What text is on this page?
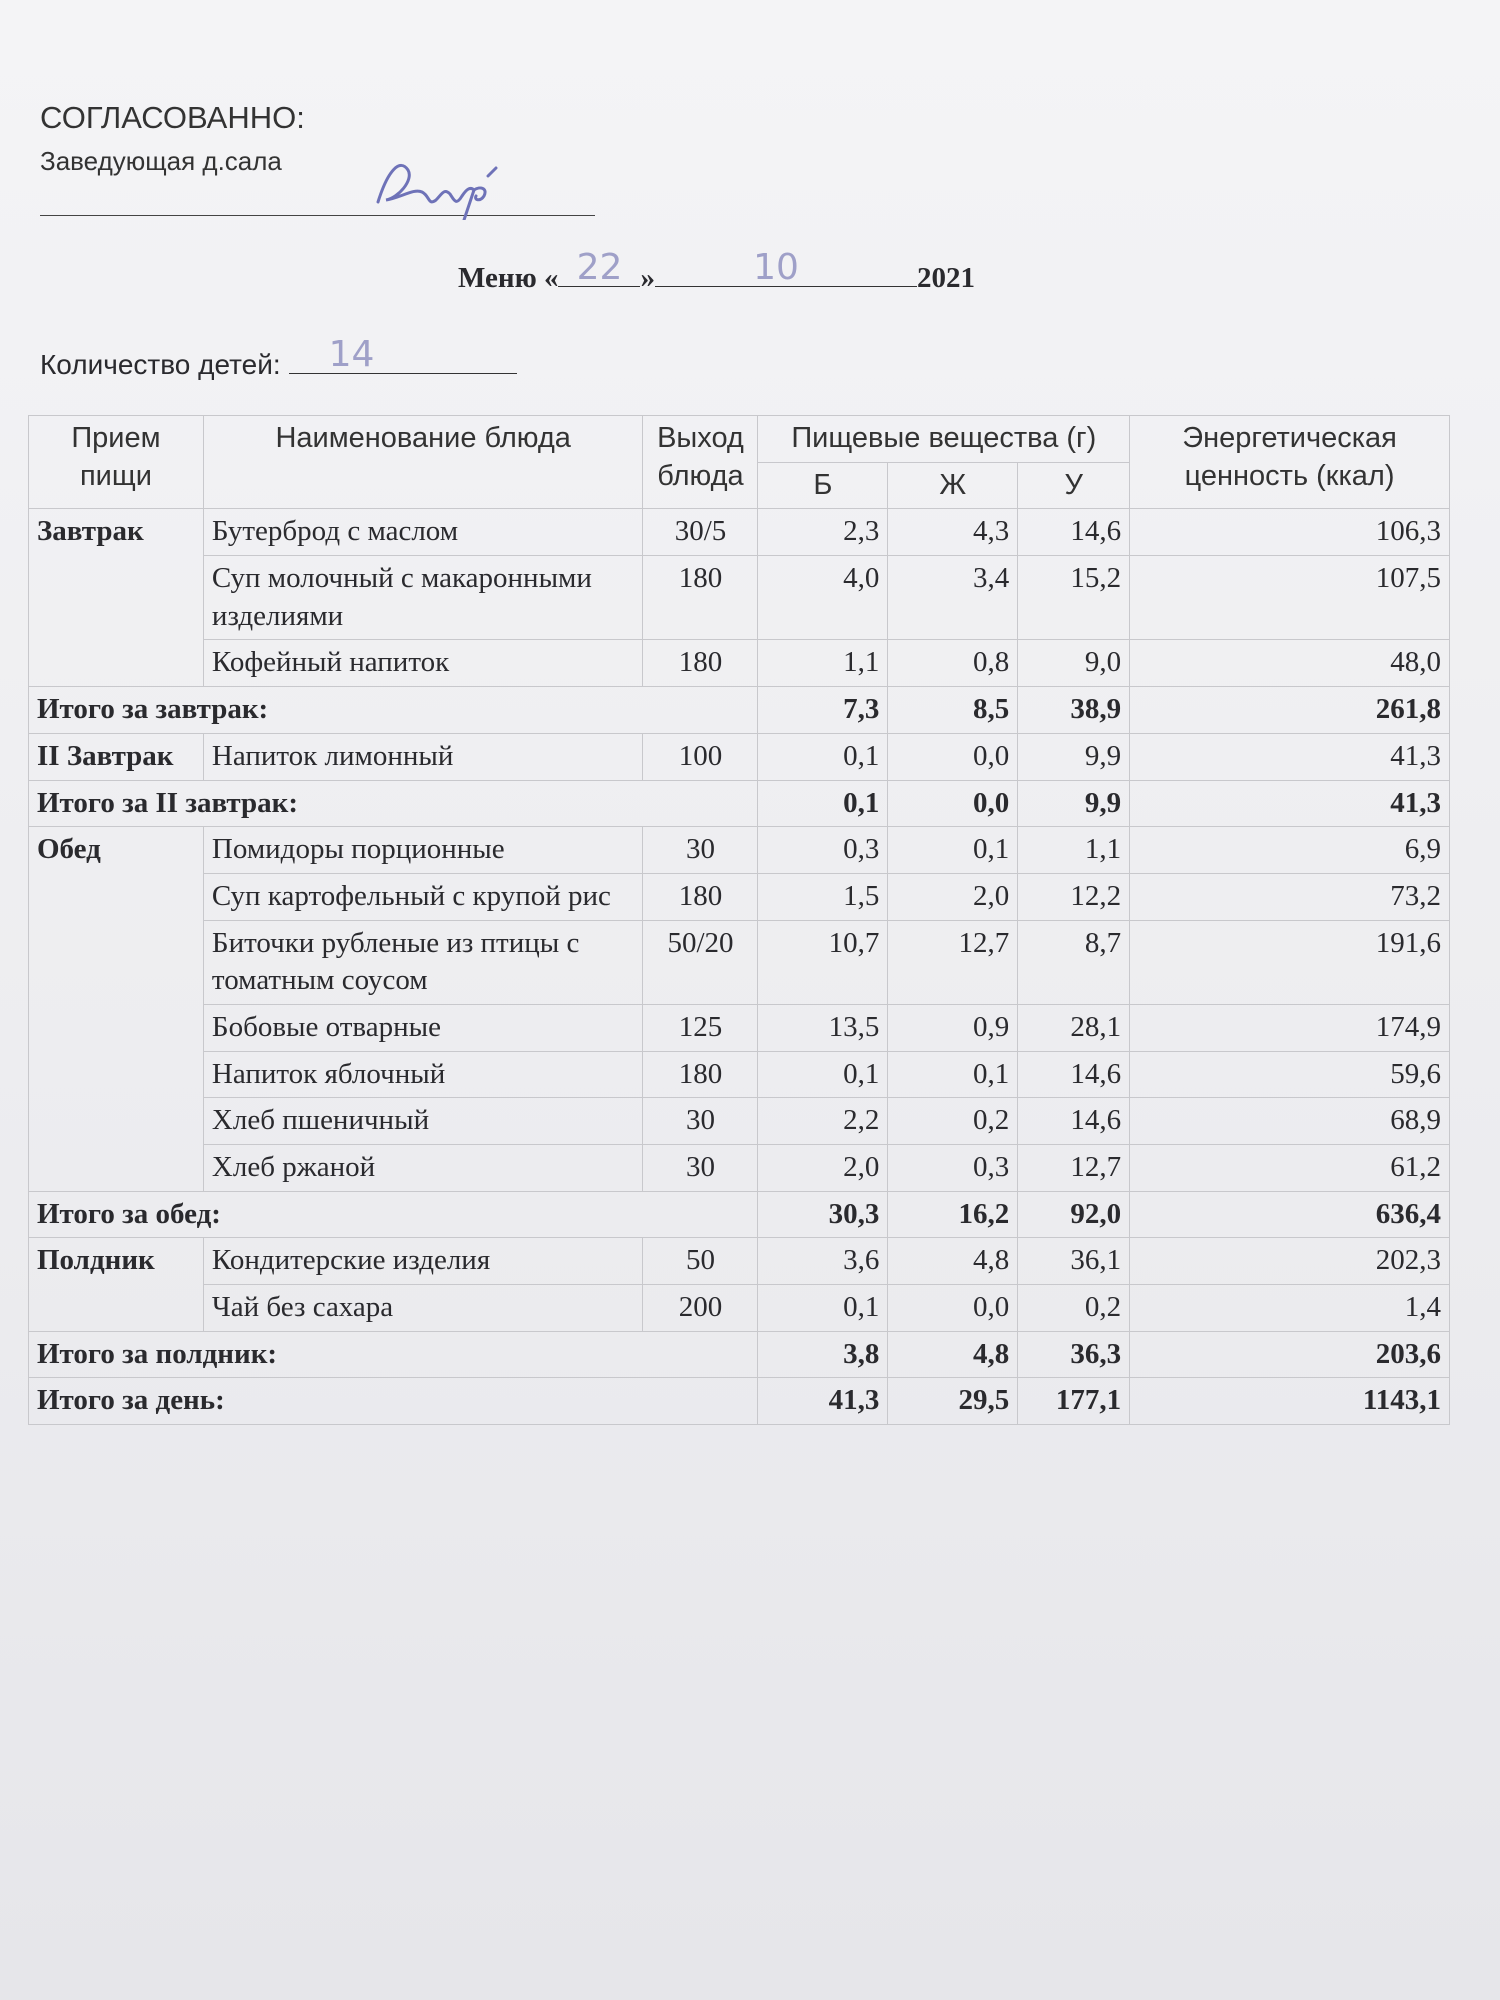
СОГЛАСОВАННО:
Заведующая д.сала
Меню « 22 »	10	2021
Количество детей: 14
Прием пищи	Наименование блюда	Выход блюда	Пищевые вещества (г)			Энергетическая ценность (ккал)
			Б	Ж	У	
Завтрак	Бутерброд с маслом	30/5	2,3	4,3	14,6	106,3
	Суп молочный с макаронными изделиями	180	4,0	3,4	15,2	107,5
	Кофейный напиток	180	1,1	0,8	9,0	48,0
Итого за завтрак:			7,3	8,5	38,9	261,8
II Завтрак	Напиток лимонный	100	0,1	0,0	9,9	41,3
Итого за II завтрак:			0,1	0,0	9,9	41,3
Обед	Помидоры порционные	30	0,3	0,1	1,1	6,9
	Суп картофельный с крупой рис	180	1,5	2,0	12,2	73,2
	Биточки рубленые из птицы с томатным соусом	50/20	10,7	12,7	8,7	191,6
	Бобовые отварные	125	13,5	0,9	28,1	174,9
	Напиток яблочный	180	0,1	0,1	14,6	59,6
	Хлеб пшеничный	30	2,2	0,2	14,6	68,9
	Хлеб ржаной	30	2,0	0,3	12,7	61,2
Итого за обед:			30,3	16,2	92,0	636,4
Полдник	Кондитерские изделия	50	3,6	4,8	36,1	202,3
	Чай без сахара	200	0,1	0,0	0,2	1,4
Итого за полдник:			3,8	4,8	36,3	203,6
Итого за день:			41,3	29,5	177,1	1143,1
